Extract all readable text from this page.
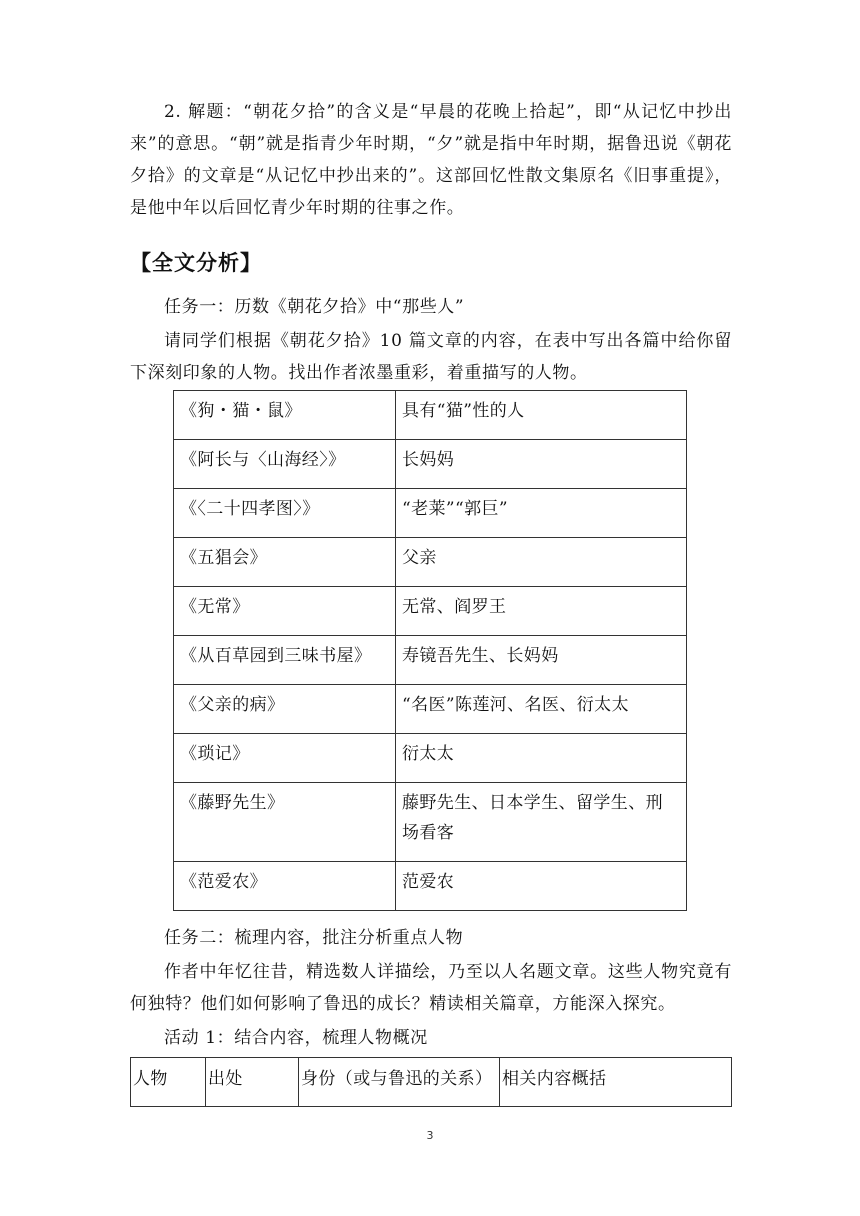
2. 解题：“朝花夕拾”的含义是“早晨的花晚上拾起”，即“从记忆中抄出来”的意思。“朝”就是指青少年时期，“夕”就是指中年时期，据鲁迅说《朝花夕拾》的文章是“从记忆中抄出来的”。这部回忆性散文集原名《旧事重提》，是他中年以后回忆青少年时期的往事之作。

【全文分析】

任务一：历数《朝花夕拾》中“那些人”

请同学们根据《朝花夕拾》10 篇文章的内容，在表中写出各篇中给你留下深刻印象的人物。找出作者浓墨重彩，着重描写的人物。

《狗・猫・鼠》	具有“猫”性的人
《阿长与〈山海经〉》	长妈妈
《〈二十四孝图〉》	“老莱”“郭巨”
《五猖会》	父亲
《无常》	无常、阎罗王
《从百草园到三味书屋》	寿镜吾先生、长妈妈
《父亲的病》	“名医”陈莲河、名医、衍太太
《琐记》	衍太太
《藤野先生》	藤野先生、日本学生、留学生、刑场看客
《范爱农》	范爱农

任务二：梳理内容，批注分析重点人物

作者中年忆往昔，精选数人详描绘，乃至以人名题文章。这些人物究竟有何独特？他们如何影响了鲁迅的成长？精读相关篇章，方能深入探究。

活动 1：结合内容，梳理人物概况

人物	出处	身份（或与鲁迅的关系）	相关内容概括
3
